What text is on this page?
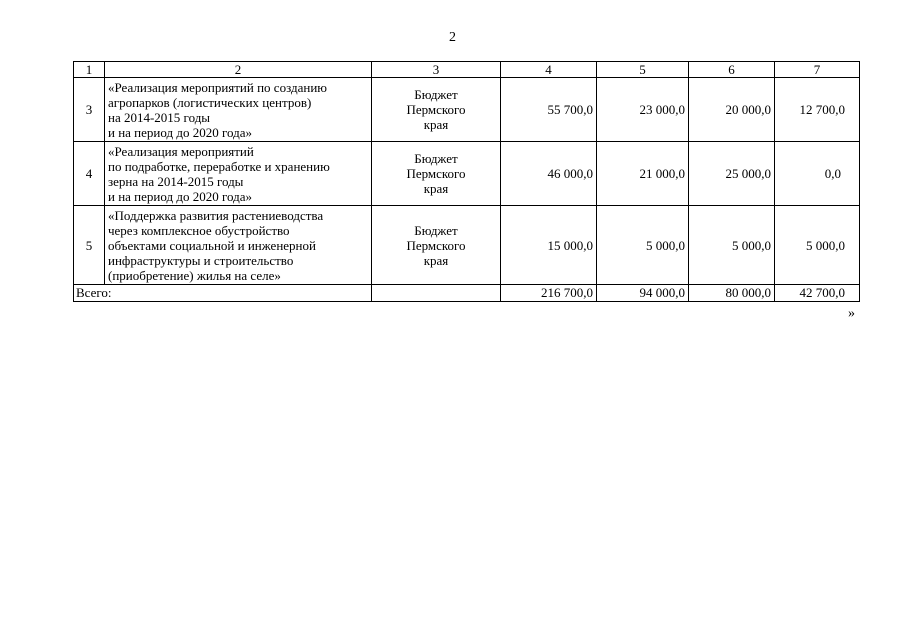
2
1	2	3	4	5	6	7
3	«Реализация мероприятий по созданию
агропарков (логистических центров)
на 2014-2015 годы
и на период до 2020 года»	Бюджет
Пермского
края	55 700,0	23 000,0	20 000,0	12 700,0
4	«Реализация мероприятий
по подработке, переработке и хранению
зерна на 2014-2015 годы
и на период до 2020 года»	Бюджет
Пермского
края	46 000,0	21 000,0	25 000,0	0,0
5	«Поддержка развития растениеводства
через комплексное обустройство
объектами социальной и инженерной
инфраструктуры и строительство
(приобретение) жилья на селе»	Бюджет
Пермского
края	15 000,0	5 000,0	5 000,0	5 000,0
Всего:			216 700,0	94 000,0	80 000,0	42 700,0
»
